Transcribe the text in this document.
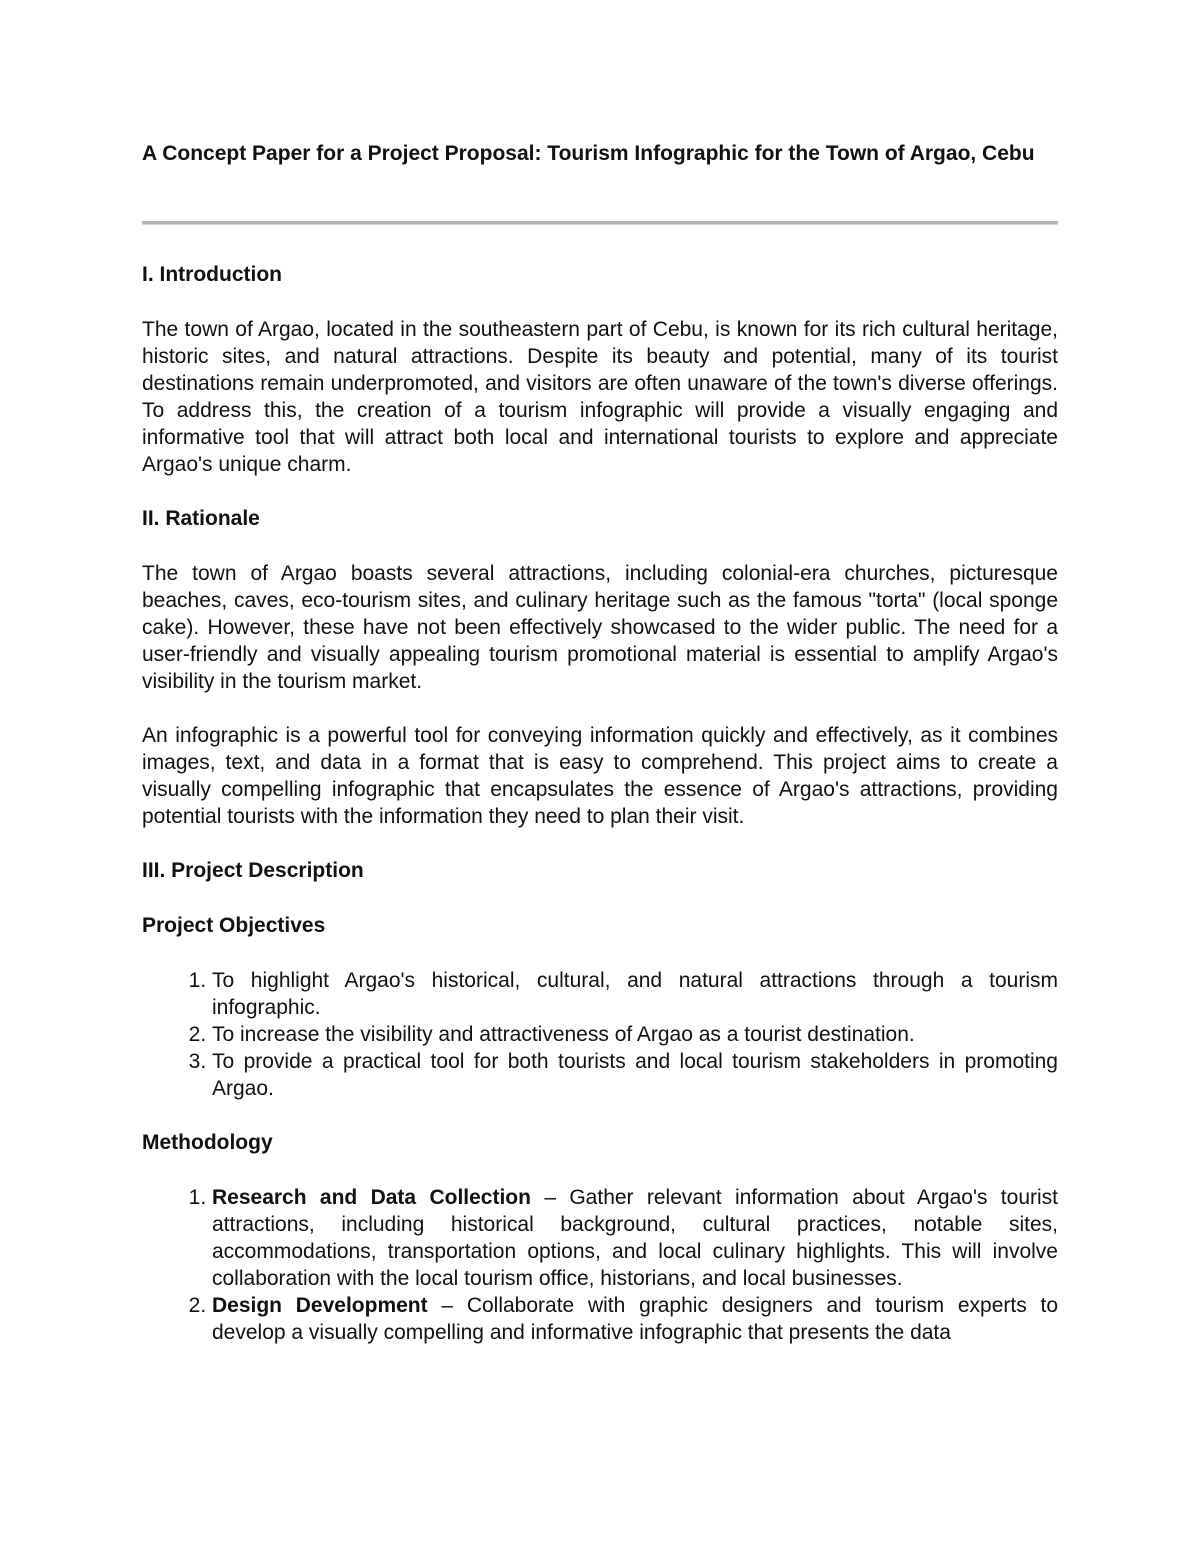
A Concept Paper for a Project Proposal: Tourism Infographic for the Town of Argao, Cebu

I. Introduction

The town of Argao, located in the southeastern part of Cebu, is known for its rich cultural heritage, historic sites, and natural attractions. Despite its beauty and potential, many of its tourist destinations remain underpromoted, and visitors are often unaware of the town's diverse offerings. To address this, the creation of a tourism infographic will provide a visually engaging and informative tool that will attract both local and international tourists to explore and appreciate Argao's unique charm.

II. Rationale

The town of Argao boasts several attractions, including colonial-era churches, picturesque beaches, caves, eco-tourism sites, and culinary heritage such as the famous "torta" (local sponge cake). However, these have not been effectively showcased to the wider public. The need for a user-friendly and visually appealing tourism promotional material is essential to amplify Argao's visibility in the tourism market.

An infographic is a powerful tool for conveying information quickly and effectively, as it combines images, text, and data in a format that is easy to comprehend. This project aims to create a visually compelling infographic that encapsulates the essence of Argao's attractions, providing potential tourists with the information they need to plan their visit.

III. Project Description
Project Objectives
1. To highlight Argao's historical, cultural, and natural attractions through a tourism infographic.
2. To increase the visibility and attractiveness of Argao as a tourist destination.
3. To provide a practical tool for both tourists and local tourism stakeholders in promoting Argao.
Methodology
1. Research and Data Collection – Gather relevant information about Argao's tourist attractions, including historical background, cultural practices, notable sites, accommodations, transportation options, and local culinary highlights. This will involve collaboration with the local tourism office, historians, and local businesses.
2. Design Development – Collaborate with graphic designers and tourism experts to develop a visually compelling and informative infographic that presents the data
